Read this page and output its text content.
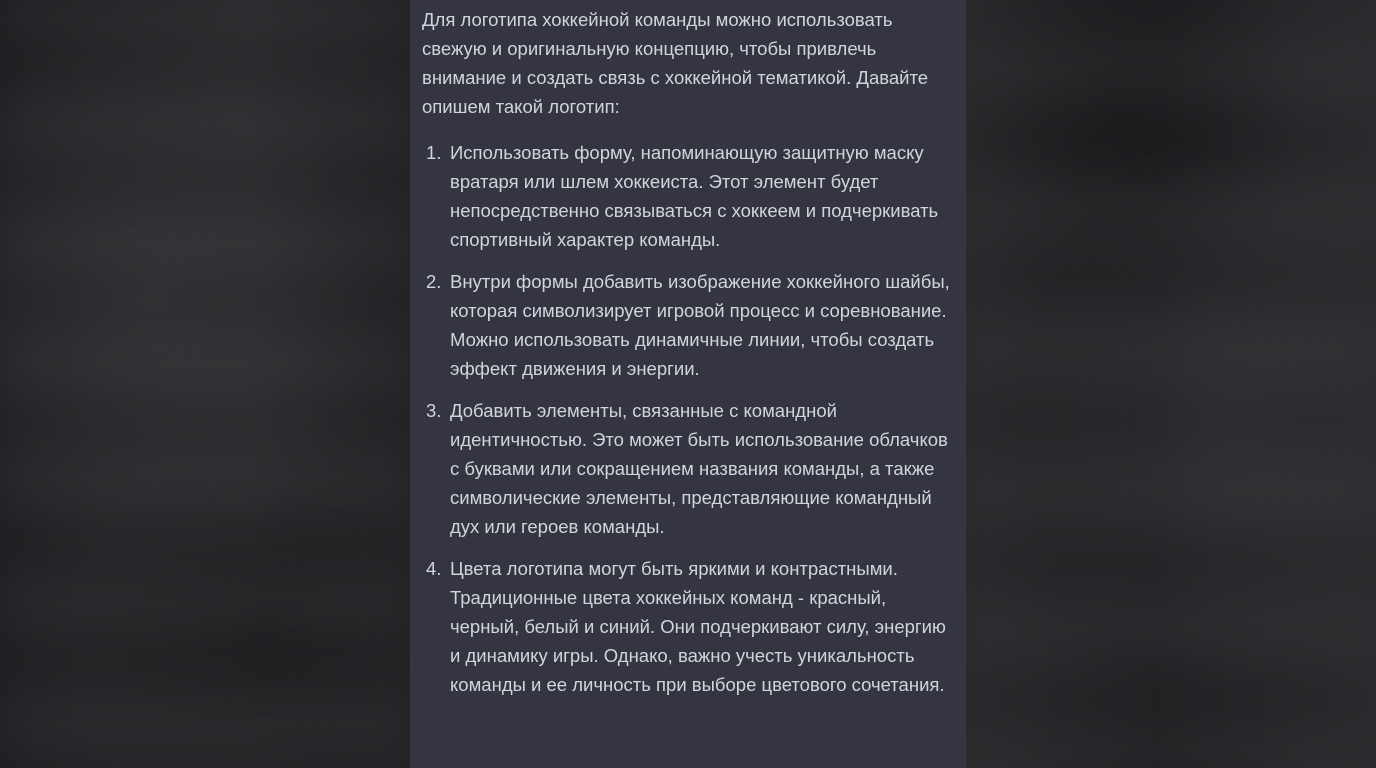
Для логотипа хоккейной команды можно использовать свежую и оригинальную концепцию, чтобы привлечь внимание и создать связь с хоккейной тематикой. Давайте опишем такой логотип:

1. Использовать форму, напоминающую защитную маску вратаря или шлем хоккеиста. Этот элемент будет непосредственно связываться с хоккеем и подчеркивать спортивный характер команды.
2. Внутри формы добавить изображение хоккейного шайбы, которая символизирует игровой процесс и соревнование. Можно использовать динамичные линии, чтобы создать эффект движения и энергии.
3. Добавить элементы, связанные с командной идентичностью. Это может быть использование облачков с буквами или сокращением названия команды, а также символические элементы, представляющие командный дух или героев команды.
4. Цвета логотипа могут быть яркими и контрастными. Традиционные цвета хоккейных команд - красный, черный, белый и синий. Они подчеркивают силу, энергию и динамику игры. Однако, важно учесть уникальность команды и ее личность при выборе цветового сочетания.
